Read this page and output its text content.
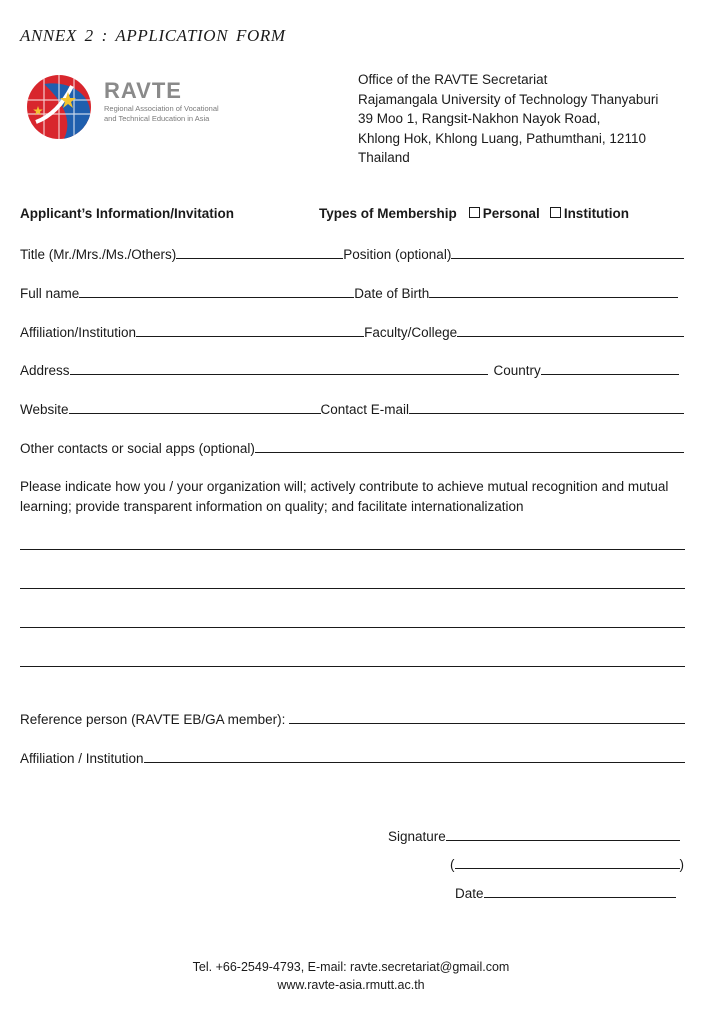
ANNEX 2 : APPLICATION FORM
RAVTE
Regional Association of Vocational
and Technical Education in Asia
Office of the RAVTE Secretariat
Rajamangala University of Technology Thanyaburi
39 Moo 1, Rangsit-Nakhon Nayok Road,
Khlong Hok, Khlong Luang, Pathumthani, 12110
Thailand
Applicant’s Information/Invitation	Types of Membership Personal Institution
Title (Mr./Mrs./Ms./Others)	Position (optional)
Full name	Date of Birth
Affiliation/Institution	Faculty/College
Address	Country
Website	Contact E-mail
Other contacts or social apps (optional)
Please indicate how you / your organization will; actively contribute to achieve mutual recognition and mutual learning; provide transparent information on quality; and facilitate internationalization
Reference person (RAVTE EB/GA member):
Affiliation / Institution
Signature
(	)
Date
Tel. +66-2549-4793, E-mail: ravte.secretariat@gmail.com
www.ravte-asia.rmutt.ac.th
